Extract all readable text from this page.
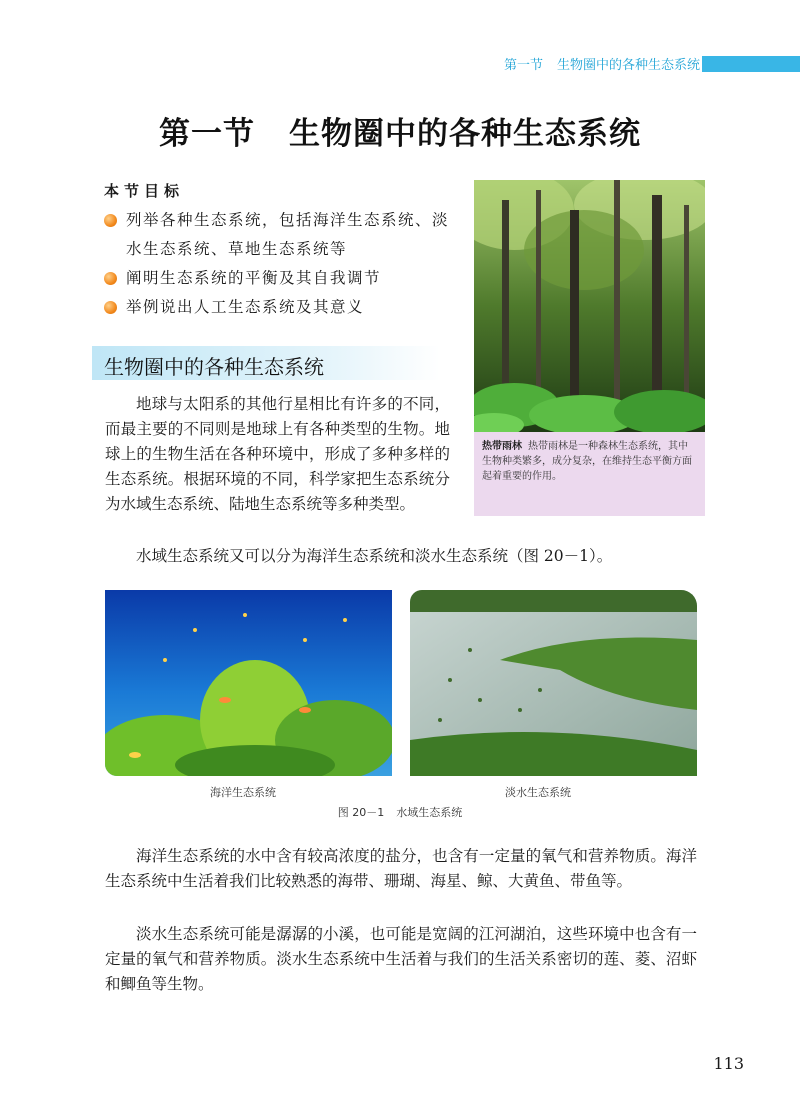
第一节 生物圈中的各种生态系统
第一节 生物圈中的各种生态系统
本节目标
列举各种生态系统，包括海洋生态系统、淡水生态系统、草地生态系统等
阐明生态系统的平衡及其自我调节
举例说出人工生态系统及其意义
热带雨林 热带雨林是一种森林生态系统，其中生物种类繁多，成分复杂，在维持生态平衡方面起着重要的作用。
生物圈中的各种生态系统

地球与太阳系的其他行星相比有许多的不同，而最主要的不同则是地球上有各种类型的生物。地球上的生物生活在各种环境中，形成了多种多样的生态系统。根据环境的不同，科学家把生态系统分为水域生态系统、陆地生态系统等多种类型。

水域生态系统又可以分为海洋生态系统和淡水生态系统（图 20－1）。

海洋生态系统	淡水生态系统
图 20－1 水域生态系统

海洋生态系统的水中含有较高浓度的盐分，也含有一定量的氧气和营养物质。海洋生态系统中生活着我们比较熟悉的海带、珊瑚、海星、鲸、大黄鱼、带鱼等。

淡水生态系统可能是潺潺的小溪，也可能是宽阔的江河湖泊，这些环境中也含有一定量的氧气和营养物质。淡水生态系统中生活着与我们的生活关系密切的莲、菱、沼虾和鲫鱼等生物。

113
